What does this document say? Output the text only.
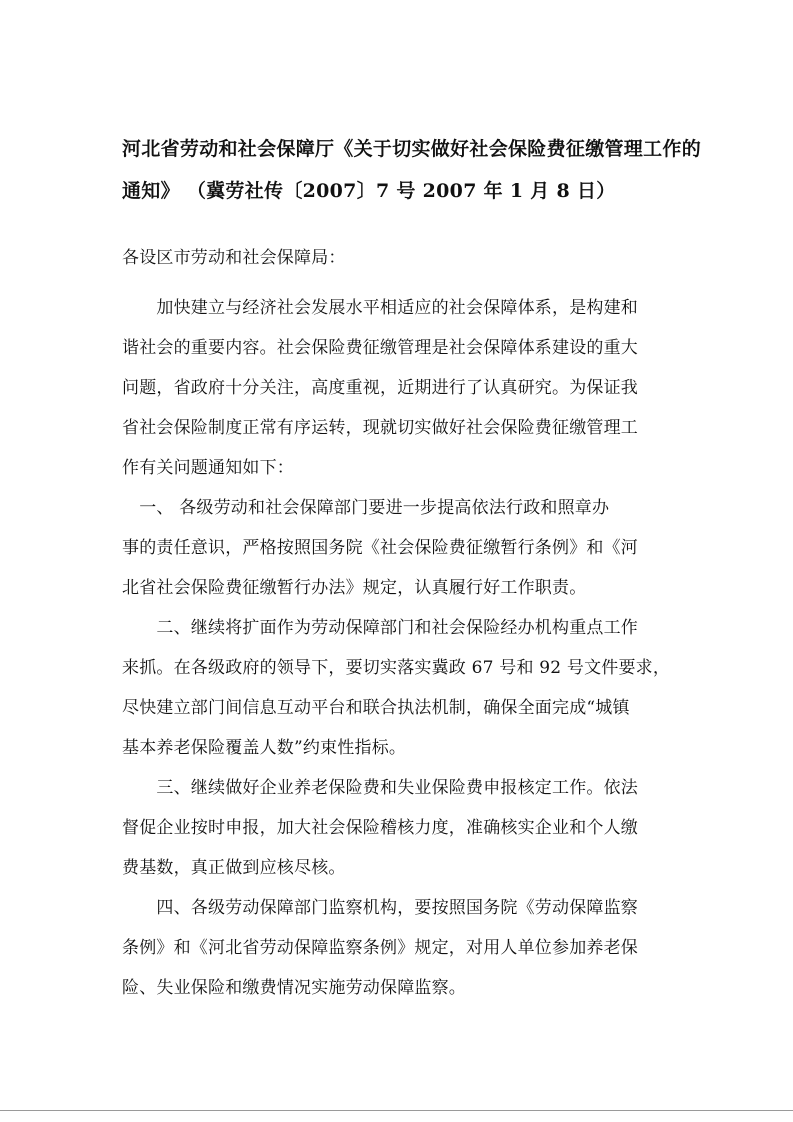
河北省劳动和社会保障厅《关于切实做好社会保险费征缴管理工作的
通知》 （冀劳社传〔2007〕7 号 2007 年 1 月 8 日）
各设区市劳动和社会保障局：
　　加快建立与经济社会发展水平相适应的社会保障体系，是构建和
谐社会的重要内容。社会保险费征缴管理是社会保障体系建设的重大
问题，省政府十分关注，高度重视，近期进行了认真研究。为保证我
省社会保险制度正常有序运转，现就切实做好社会保险费征缴管理工
作有关问题通知如下：
　一、 各级劳动和社会保障部门要进一步提高依法行政和照章办
事的责任意识，严格按照国务院《社会保险费征缴暂行条例》和《河
北省社会保险费征缴暂行办法》规定，认真履行好工作职责。
　　二、继续将扩面作为劳动保障部门和社会保险经办机构重点工作
来抓。在各级政府的领导下，要切实落实冀政 67 号和 92 号文件要求，
尽快建立部门间信息互动平台和联合执法机制，确保全面完成“城镇
基本养老保险覆盖人数”约束性指标。
　　三、继续做好企业养老保险费和失业保险费申报核定工作。依法
督促企业按时申报，加大社会保险稽核力度，准确核实企业和个人缴
费基数，真正做到应核尽核。
　　四、各级劳动保障部门监察机构，要按照国务院《劳动保障监察
条例》和《河北省劳动保障监察条例》规定，对用人单位参加养老保
险、失业保险和缴费情况实施劳动保障监察。
